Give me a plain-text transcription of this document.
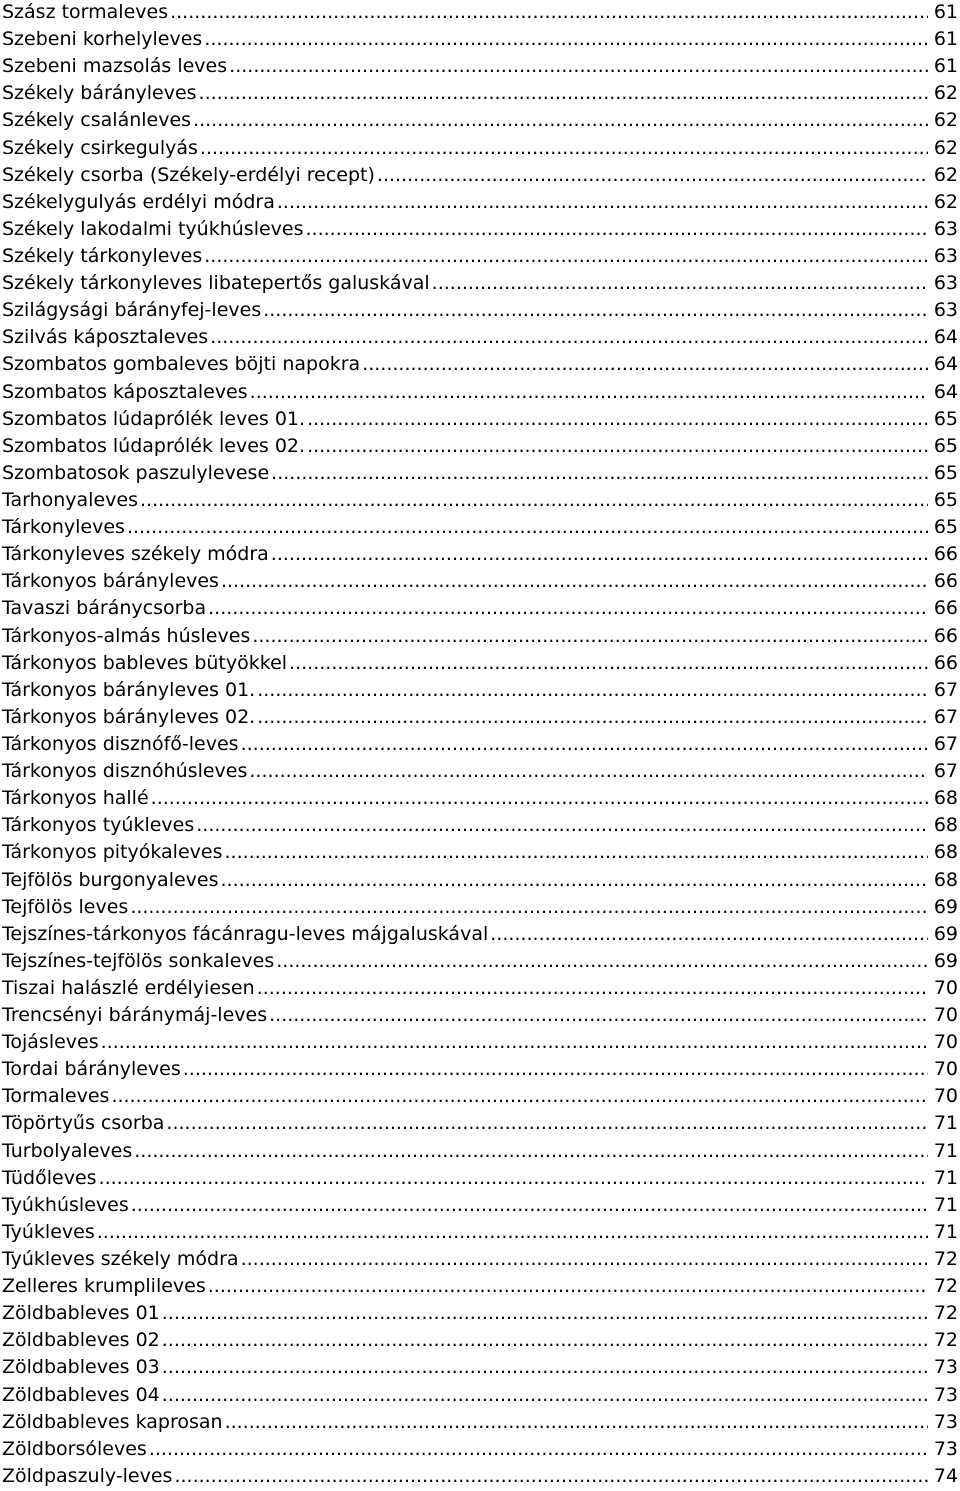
Szász tormaleves .....	61
Szebeni korhelyleves .....	61
Szebeni mazsolás leves .....	61
Székely bárányleves .....	62
Székely csalánleves .....	62
Székely csirkegulyás .....	62
Székely csorba (Székely-erdélyi recept) .....	62
Székelygulyás erdélyi módra .....	62
Székely lakodalmi tyúkhúsleves .....	63
Székely tárkonyleves .....	63
Székely tárkonyleves libatepertős galuskával .....	63
Szilágysági bárányfej-leves .....	63
Szilvás káposztaleves .....	64
Szombatos gombaleves böjti napokra .....	64
Szombatos káposztaleves .....	64
Szombatos lúdaprólék leves 01. .....	65
Szombatos lúdaprólék leves 02. .....	65
Szombatosok paszulylevese .....	65
Tarhonyaleves .....	65
Tárkonyleves .....	65
Tárkonyleves székely módra .....	66
Tárkonyos bárányleves .....	66
Tavaszi báránycsorba .....	66
Tárkonyos-almás húsleves .....	66
Tárkonyos bableves bütyökkel .....	66
Tárkonyos bárányleves 01. .....	67
Tárkonyos bárányleves 02. .....	67
Tárkonyos disznófő-leves .....	67
Tárkonyos disznóhúsleves .....	67
Tárkonyos hallé .....	68
Tárkonyos tyúkleves .....	68
Tárkonyos pityókaleves .....	68
Tejfölös burgonyaleves .....	68
Tejfölös leves .....	69
Tejszínes-tárkonyos fácánragu-leves májgaluskával .....	69
Tejszínes-tejfölös sonkaleves .....	69
Tiszai halászlé erdélyiesen .....	70
Trencsényi báránymáj-leves .....	70
Tojásleves .....	70
Tordai bárányleves .....	70
Tormaleves .....	70
Töpörtyűs csorba .....	71
Turbolyaleves .....	71
Tüdőleves .....	71
Tyúkhúsleves .....	71
Tyúkleves .....	71
Tyúkleves székely módra .....	72
Zelleres krumplileves .....	72
Zöldbableves 01 .....	72
Zöldbableves 02 .....	72
Zöldbableves 03 .....	73
Zöldbableves 04 .....	73
Zöldbableves kaprosan .....	73
Zöldborsóleves .....	73
Zöldpaszuly-leves .....	74
